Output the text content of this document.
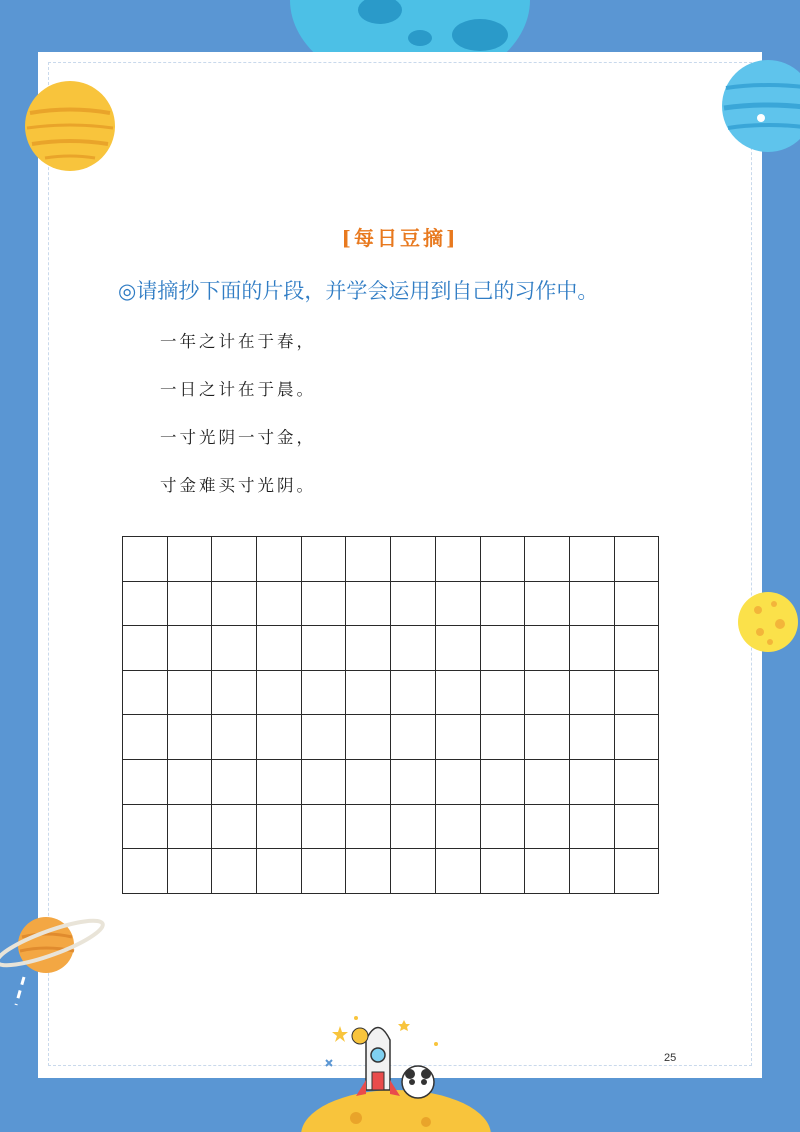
[每日豆摘]
◎请摘抄下面的片段，并学会运用到自己的习作中。
一年之计在于春，
一日之计在于晨。
一寸光阴一寸金，
寸金难买寸光阴。

25
